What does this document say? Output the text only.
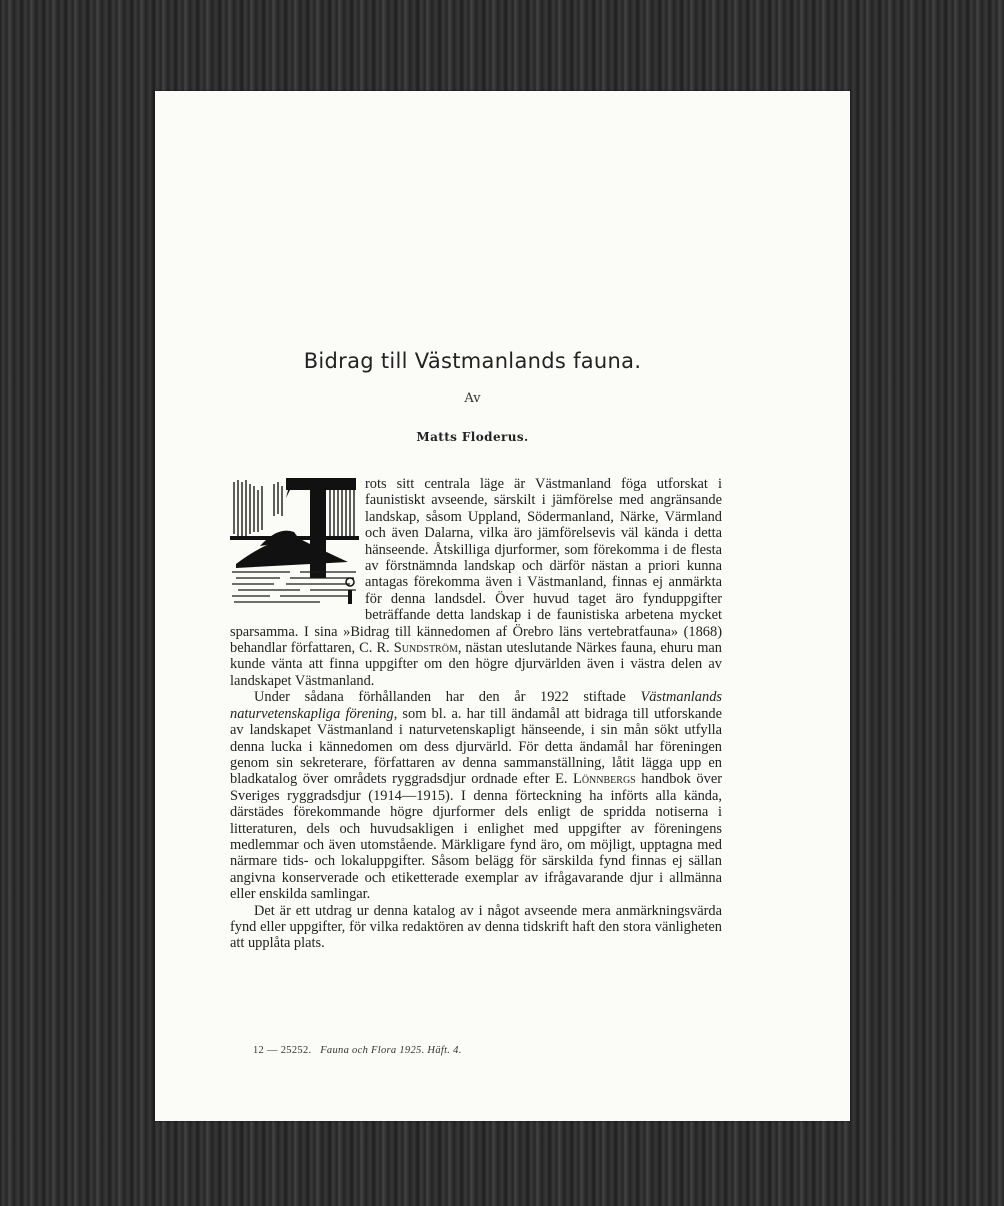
Bidrag till Västmanlands fauna.
Av
Matts Floderus.

rots sitt centrala läge är Västmanland föga utforskat i faunistiskt avseende, särskilt i jämförelse med angränsande landskap, såsom Uppland, Södermanland, Närke, Värmland och även Dalarna, vilka äro jämförelsevis väl kända i detta hänseende. Åtskilliga djurformer, som förekomma i de flesta av förstnämnda landskap och därför nästan a priori kunna antagas förekomma även i Västmanland, finnas ej anmärkta för denna landsdel. Över huvud taget äro fynduppgifter beträffande detta landskap i de faunistiska arbetena mycket sparsamma. I sina »Bidrag till kännedomen af Örebro läns vertebratfauna» (1868) behandlar författaren, C. R. Sundström, nästan uteslutande Närkes fauna, ehuru man kunde vänta att finna uppgifter om den högre djurvärlden även i västra delen av landskapet Västmanland.

Under sådana förhållanden har den år 1922 stiftade Västmanlands naturvetenskapliga förening, som bl. a. har till ändamål att bidraga till utforskande av landskapet Västmanland i naturvetenskapligt hänseende, i sin mån sökt utfylla denna lucka i kännedomen om dess djurvärld. För detta ändamål har föreningen genom sin sekreterare, författaren av denna sammanställning, låtit lägga upp en bladkatalog över områdets ryggradsdjur ordnade efter E. Lönnbergs handbok över Sveriges ryggradsdjur (1914—1915). I denna förteckning ha införts alla kända, därstädes förekommande högre djurformer dels enligt de spridda notiserna i litteraturen, dels och huvudsakligen i enlighet med uppgifter av föreningens medlemmar och även utomstående. Märkligare fynd äro, om möjligt, upptagna med närmare tids- och lokaluppgifter. Såsom belägg för särskilda fynd finnas ej sällan angivna konserverade och etiketterade exemplar av ifrågavarande djur i allmänna eller enskilda samlingar.

Det är ett utdrag ur denna katalog av i något avseende mera anmärkningsvärda fynd eller uppgifter, för vilka redaktören av denna tidskrift haft den stora vänligheten att upplåta plats.

12 — 25252. Fauna och Flora 1925. Häft. 4.
